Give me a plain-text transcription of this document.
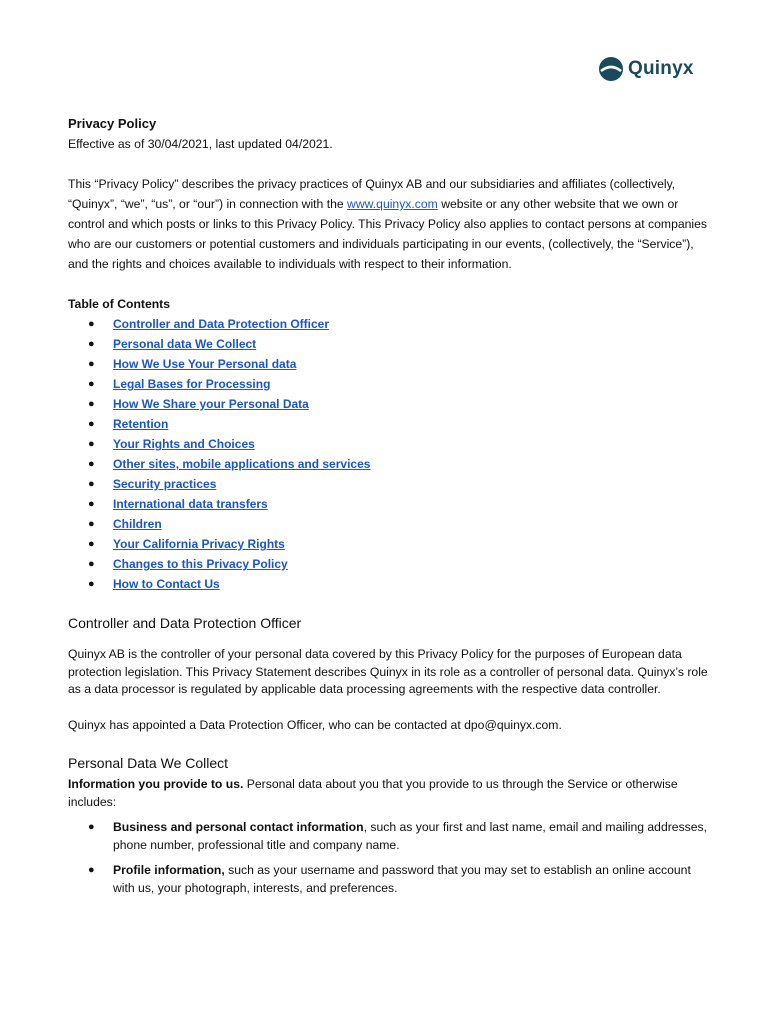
Quinyx

Privacy Policy

Effective as of 30/04/2021, last updated 04/2021.

This “Privacy Policy” describes the privacy practices of Quinyx AB and our subsidiaries and affiliates (collectively, “Quinyx”, “we”, “us”, or “our”) in connection with the www.quinyx.com website or any other website that we own or control and which posts or links to this Privacy Policy. This Privacy Policy also applies to contact persons at companies who are our customers or potential customers and individuals participating in our events, (collectively, the “Service”), and the rights and choices available to individuals with respect to their information.

Table of Contents

● Controller and Data Protection Officer
● Personal data We Collect
● How We Use Your Personal data
● Legal Bases for Processing
● How We Share your Personal Data
● Retention
● Your Rights and Choices
● Other sites, mobile applications and services
● Security practices
● International data transfers
● Children
● Your California Privacy Rights
● Changes to this Privacy Policy
● How to Contact Us
Controller and Data Protection Officer

Quinyx AB is the controller of your personal data covered by this Privacy Policy for the purposes of European data protection legislation. This Privacy Statement describes Quinyx in its role as a controller of personal data. Quinyx’s role as a data processor is regulated by applicable data processing agreements with the respective data controller.

Quinyx has appointed a Data Protection Officer, who can be contacted at dpo@quinyx.com.

Personal Data We Collect

Information you provide to us. Personal data about you that you provide to us through the Service or otherwise includes:

● Business and personal contact information, such as your first and last name, email and mailing addresses, phone number, professional title and company name.
● Profile information, such as your username and password that you may set to establish an online account with us, your photograph, interests, and preferences.
